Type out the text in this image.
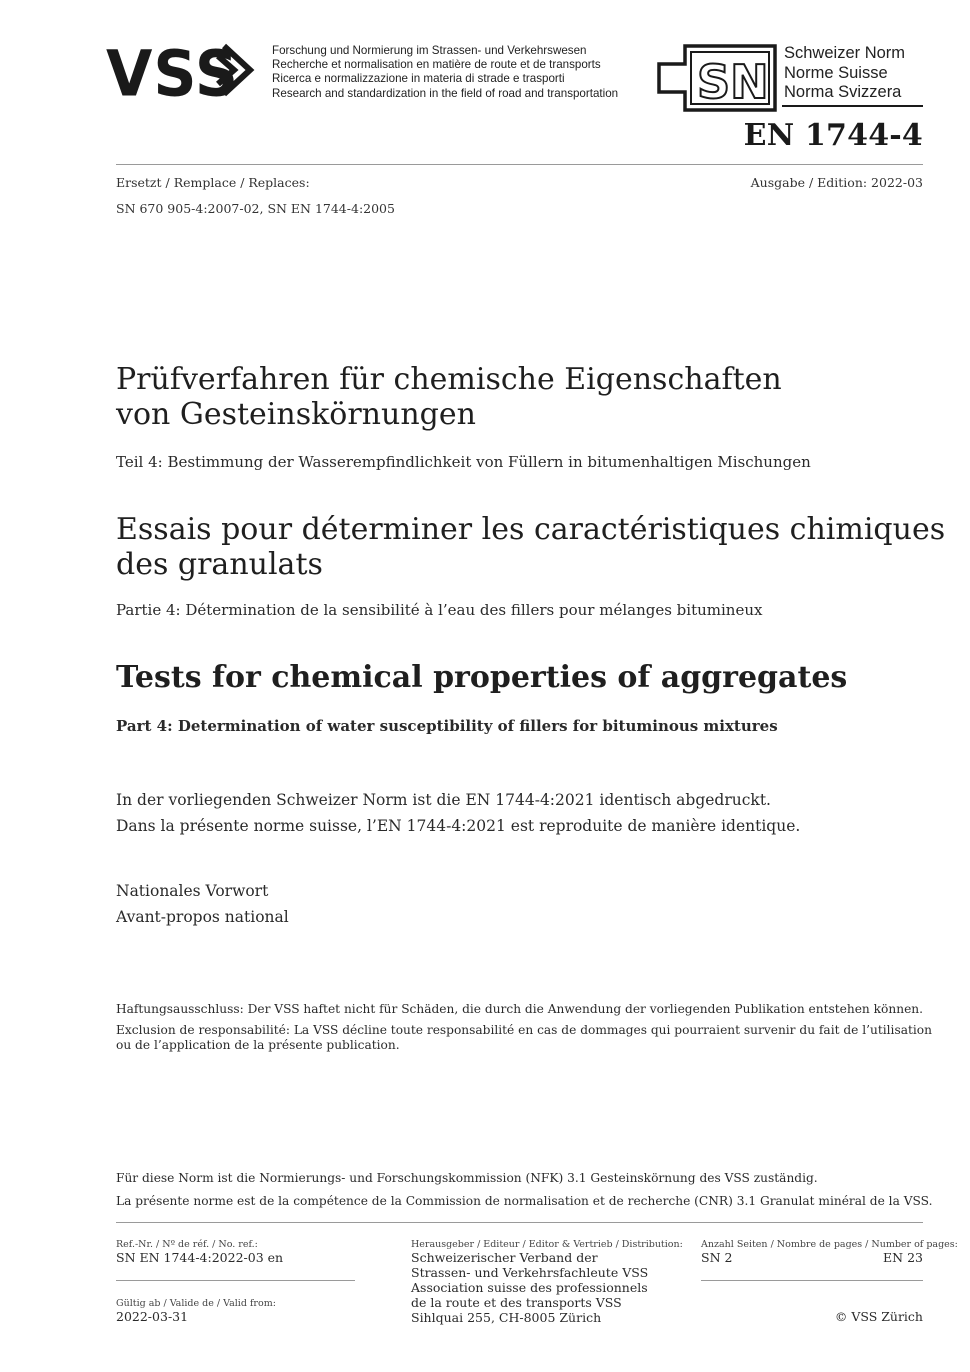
VSS	Forschung und Normierung im Strassen- und Verkehrswesen
Recherche et normalisation en matière de route et de transports
Ricerca e normalizzazione in materia di strade e trasporti
Research and standardization in the field of road and transportation SN
Schweizer Norm
Norme Suisse
Norma Svizzera
EN 1744-4
Ersetzt / Remplace / Replaces:	Ausgabe / Edition: 2022-03
SN 670 905-4:2007-02, SN EN 1744-4:2005
Prüfverfahren für chemische Eigenschaften
von Gesteinskörnungen
Teil 4: Bestimmung der Wasserempfindlichkeit von Füllern in bitumenhaltigen Mischungen
Essais pour déterminer les caractéristiques chimiques
des granulats
Partie 4: Détermination de la sensibilité à l’eau des fillers pour mélanges bitumineux
Tests for chemical properties of aggregates
Part 4: Determination of water susceptibility of fillers for bituminous mixtures
In der vorliegenden Schweizer Norm ist die EN 1744-4:2021 identisch abgedruckt.
Dans la présente norme suisse, l’EN 1744-4:2021 est reproduite de manière identique.
Nationales Vorwort
Avant-propos national
Haftungsausschluss: Der VSS haftet nicht für Schäden, die durch die Anwendung der vorliegenden Publikation entstehen können.
Exclusion de responsabilité: La VSS décline toute responsabilité en cas de dommages qui pourraient survenir du fait de l’utilisation
ou de l’application de la présente publication.
Für diese Norm ist die Normierungs- und Forschungskommission (NFK) 3.1 Gesteinskörnung des VSS zuständig.
La présente norme est de la compétence de la Commission de normalisation et de recherche (CNR) 3.1 Granulat minéral de la VSS.
Ref.-Nr. / Nº de réf. / No. ref.:
SN EN 1744-4:2022-03 en
Gültig ab / Valide de / Valid from:
2022-03-31
Herausgeber / Editeur / Editor & Vertrieb / Distribution:
Schweizerischer Verband der
Strassen- und Verkehrsfachleute VSS
Association suisse des professionnels
de la route et des transports VSS
Sihlquai 255, CH-8005 Zürich
Anzahl Seiten / Nombre de pages / Number of pages:
SN 2	EN 23
© VSS Zürich
